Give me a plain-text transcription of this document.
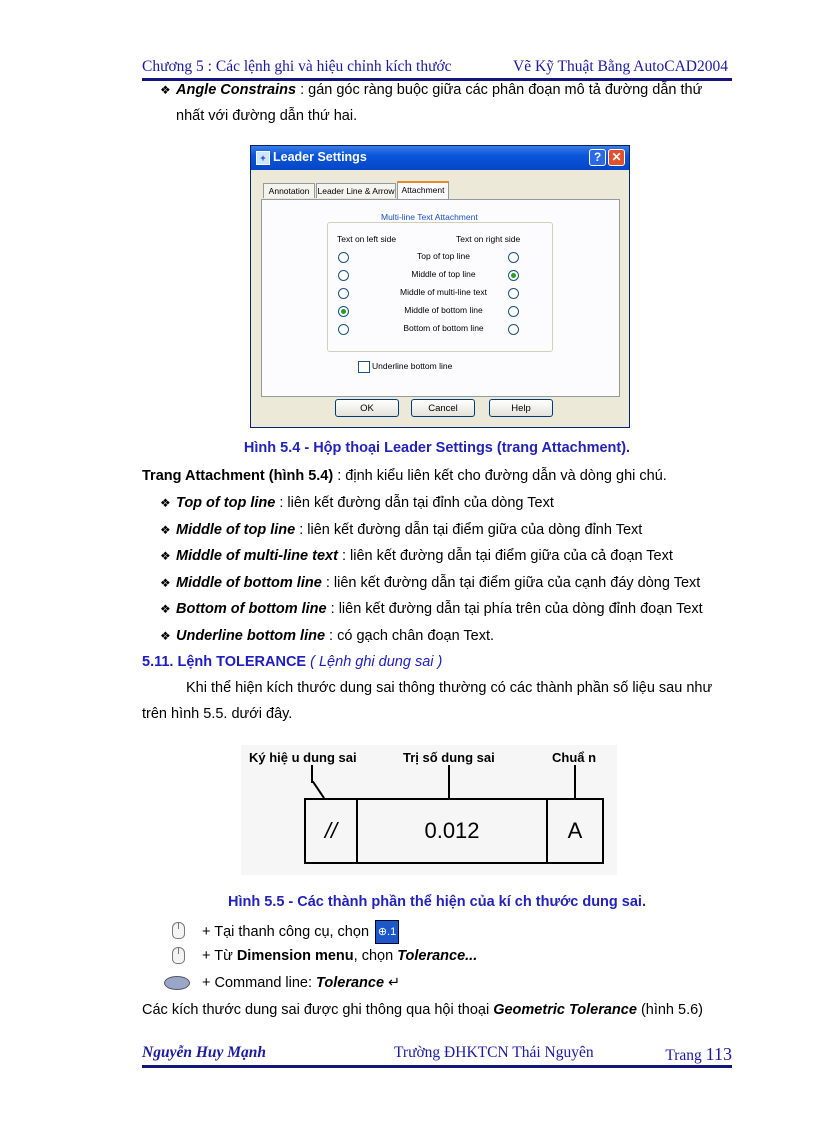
Chương 5 : Các lệnh ghi và hiệu chỉnh kích thước	Vẽ Kỹ Thuật Bằng AutoCAD2004
❖ Angle Constrains : gán góc ràng buộc giữa các phân đoạn mô tả đường dẫn thứ
nhất với đường dẫn thứ hai.
+ Leader Settings	? ✕
Annotation Leader Line & Arrow Attachment
Multi-line Text Attachment
Text on left side	Text on right side
Top of top line
Middle of top line
Middle of multi-line text
Middle of bottom line
Bottom of bottom line
Underline bottom line
OK	Cancel	Help
Hình 5.4 - Hộp thoại Leader Settings (trang Attachment).
Trang Attachment (hình 5.4) : định kiểu liên kết cho đường dẫn và dòng ghi chú.
❖ Top of top line : liên kết đường dẫn tại đỉnh của dòng Text
❖ Middle of top line : liên kết đường dẫn tại điểm giữa của dòng đỉnh Text
❖ Middle of multi-line text : liên kết đường dẫn tại điểm giữa của cả đoạn Text
❖ Middle of bottom line : liên kết đường dẫn tại điểm giữa của cạnh đáy dòng Text
❖ Bottom of bottom line : liên kết đường dẫn tại phía trên của dòng đỉnh đoạn Text
❖ Underline bottom line : có gạch chân đoạn Text.
5.11. Lệnh TOLERANCE ( Lệnh ghi dung sai )
Khi thể hiện kích thước dung sai thông thường có các thành phần số liệu sau như
trên hình 5.5. dưới đây.
Ký hiệ u dung sai	Trị số dung sai	Chuẩ n
//	0.012	A
Hình 5.5 - Các thành phần thể hiện của kí ch thước dung sai.
+ Tại thanh công cụ, chọn ⊕.1
+ Từ Dimension menu, chọn Tolerance...
+ Command line: Tolerance ↵
Các kích thước dung sai được ghi thông qua hội thoại Geometric Tolerance (hình 5.6)
Nguyễn Huy Mạnh	Trường ĐHKTCN Thái Nguyên	Trang 113
